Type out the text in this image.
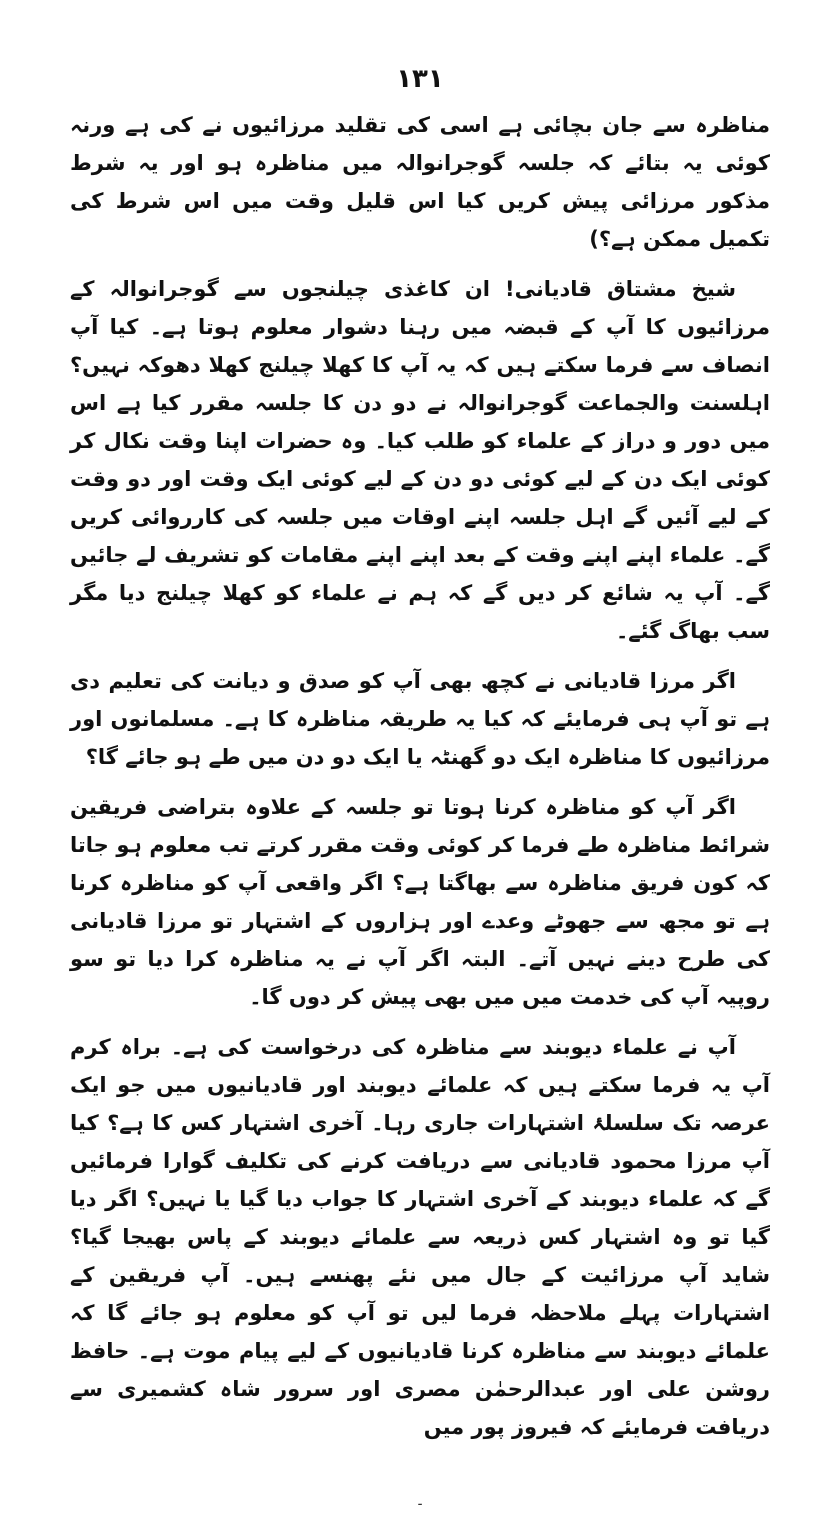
۱۳۱

مناظرہ سے جان بچائی ہے اسی کی تقلید مرزائیوں نے کی ہے ورنہ کوئی یہ بتائے کہ جلسہ گوجرانوالہ میں مناظرہ ہو اور یہ شرط مذکور مرزائی پیش کریں کیا اس قلیل وقت میں اس شرط کی تکمیل ممکن ہے؟)

شیخ مشتاق قادیانی! ان کاغذی چیلنجوں سے گوجرانوالہ کے مرزائیوں کا آپ کے قبضہ میں رہنا دشوار معلوم ہوتا ہے۔ کیا آپ انصاف سے فرما سکتے ہیں کہ یہ آپ کا کھلا چیلنج کھلا دھوکہ نہیں؟ اہلسنت والجماعت گوجرانوالہ نے دو دن کا جلسہ مقرر کیا ہے اس میں دور و دراز کے علماء کو طلب کیا۔ وہ حضرات اپنا وقت نکال کر کوئی ایک دن کے لیے کوئی دو دن کے لیے کوئی ایک وقت اور دو وقت کے لیے آئیں گے اہل جلسہ اپنے اوقات میں جلسہ کی کارروائی کریں گے۔ علماء اپنے اپنے وقت کے بعد اپنے اپنے مقامات کو تشریف لے جائیں گے۔ آپ یہ شائع کر دیں گے کہ ہم نے علماء کو کھلا چیلنج دیا مگر سب بھاگ گئے۔

اگر مرزا قادیانی نے کچھ بھی آپ کو صدق و دیانت کی تعلیم دی ہے تو آپ ہی فرمایئے کہ کیا یہ طریقہ مناظرہ کا ہے۔ مسلمانوں اور مرزائیوں کا مناظرہ ایک دو گھنٹہ یا ایک دو دن میں طے ہو جائے گا؟

اگر آپ کو مناظرہ کرنا ہوتا تو جلسہ کے علاوہ بتراضی فریقین شرائط مناظرہ طے فرما کر کوئی وقت مقرر کرتے تب معلوم ہو جاتا کہ کون فریق مناظرہ سے بھاگتا ہے؟ اگر واقعی آپ کو مناظرہ کرنا ہے تو مجھ سے جھوٹے وعدے اور ہزاروں کے اشتہار تو مرزا قادیانی کی طرح دینے نہیں آتے۔ البتہ اگر آپ نے یہ مناظرہ کرا دیا تو سو روپیہ آپ کی خدمت میں میں بھی پیش کر دوں گا۔

آپ نے علماء دیوبند سے مناظرہ کی درخواست کی ہے۔ براہ کرم آپ یہ فرما سکتے ہیں کہ علمائے دیوبند اور قادیانیوں میں جو ایک عرصہ تک سلسلۂ اشتہارات جاری رہا۔ آخری اشتہار کس کا ہے؟ کیا آپ مرزا محمود قادیانی سے دریافت کرنے کی تکلیف گوارا فرمائیں گے کہ علماء دیوبند کے آخری اشتہار کا جواب دیا گیا یا نہیں؟ اگر دیا گیا تو وہ اشتہار کس ذریعہ سے علمائے دیوبند کے پاس بھیجا گیا؟ شاید آپ مرزائیت کے جال میں نئے پھنسے ہیں۔ آپ فریقین کے اشتہارات پہلے ملاحظہ فرما لیں تو آپ کو معلوم ہو جائے گا کہ علمائے دیوبند سے مناظرہ کرنا قادیانیوں کے لیے پیام موت ہے۔ حافظ روشن علی اور عبدالرحمٰن مصری اور سرور شاہ کشمیری سے دریافت فرمایئے کہ فیروز پور میں

۔
